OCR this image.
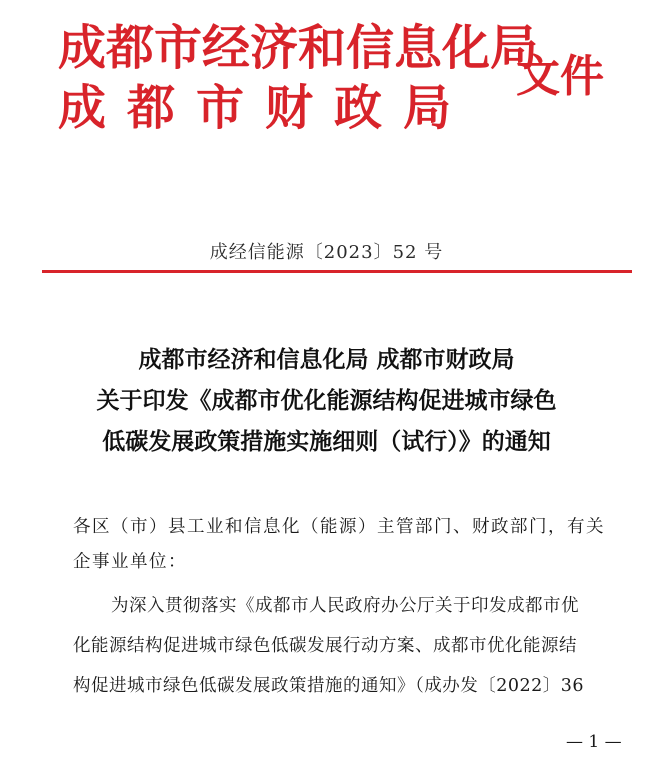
成都市经济和信息化局
成都市财政局
文件
成经信能源〔2023〕52 号
成都市经济和信息化局 成都市财政局
关于印发《成都市优化能源结构促进城市绿色
低碳发展政策措施实施细则（试行）》的通知
各区（市）县工业和信息化（能源）主管部门、财政部门，有关
企事业单位：
为深入贯彻落实《成都市人民政府办公厅关于印发成都市优
化能源结构促进城市绿色低碳发展行动方案、成都市优化能源结
构促进城市绿色低碳发展政策措施的通知》（成办发〔2022〕36
— 1 —
